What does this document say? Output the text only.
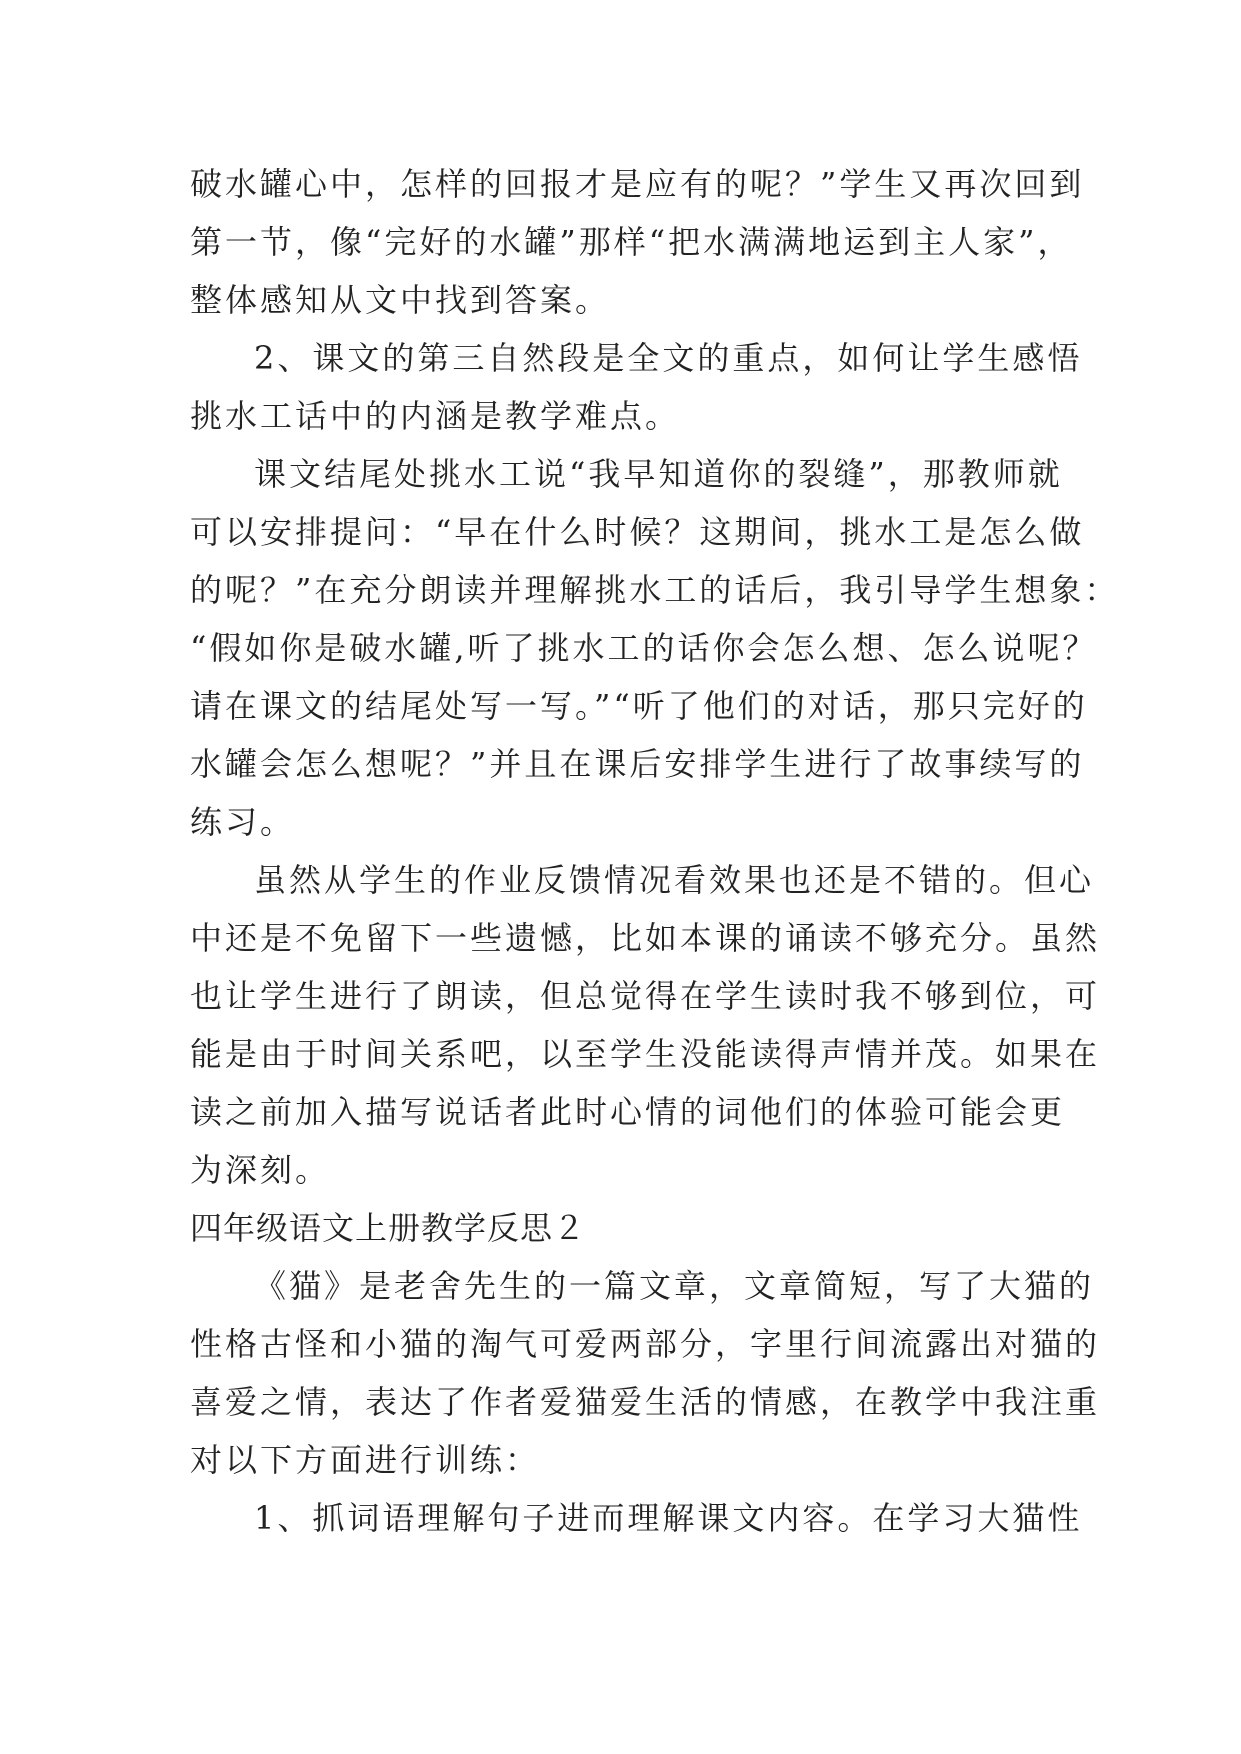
破水罐心中，怎样的回报才是应有的呢？”学生又再次回到
第一节，像“完好的水罐”那样“把水满满地运到主人家”，
整体感知从文中找到答案。
2、课文的第三自然段是全文的重点，如何让学生感悟
挑水工话中的内涵是教学难点。
课文结尾处挑水工说“我早知道你的裂缝”，那教师就
可以安排提问：“早在什么时候？这期间，挑水工是怎么做
的呢？”在充分朗读并理解挑水工的话后，我引导学生想象：
“假如你是破水罐,听了挑水工的话你会怎么想、怎么说呢？
请在课文的结尾处写一写。”“听了他们的对话，那只完好的
水罐会怎么想呢？”并且在课后安排学生进行了故事续写的
练习。
虽然从学生的作业反馈情况看效果也还是不错的。但心
中还是不免留下一些遗憾，比如本课的诵读不够充分。虽然
也让学生进行了朗读，但总觉得在学生读时我不够到位，可
能是由于时间关系吧，以至学生没能读得声情并茂。如果在
读之前加入描写说话者此时心情的词他们的体验可能会更
为深刻。
四年级语文上册教学反思２
《猫》是老舍先生的一篇文章，文章简短，写了大猫的
性格古怪和小猫的淘气可爱两部分，字里行间流露出对猫的
喜爱之情，表达了作者爱猫爱生活的情感，在教学中我注重
对以下方面进行训练：
1、抓词语理解句子进而理解课文内容。在学习大猫性
